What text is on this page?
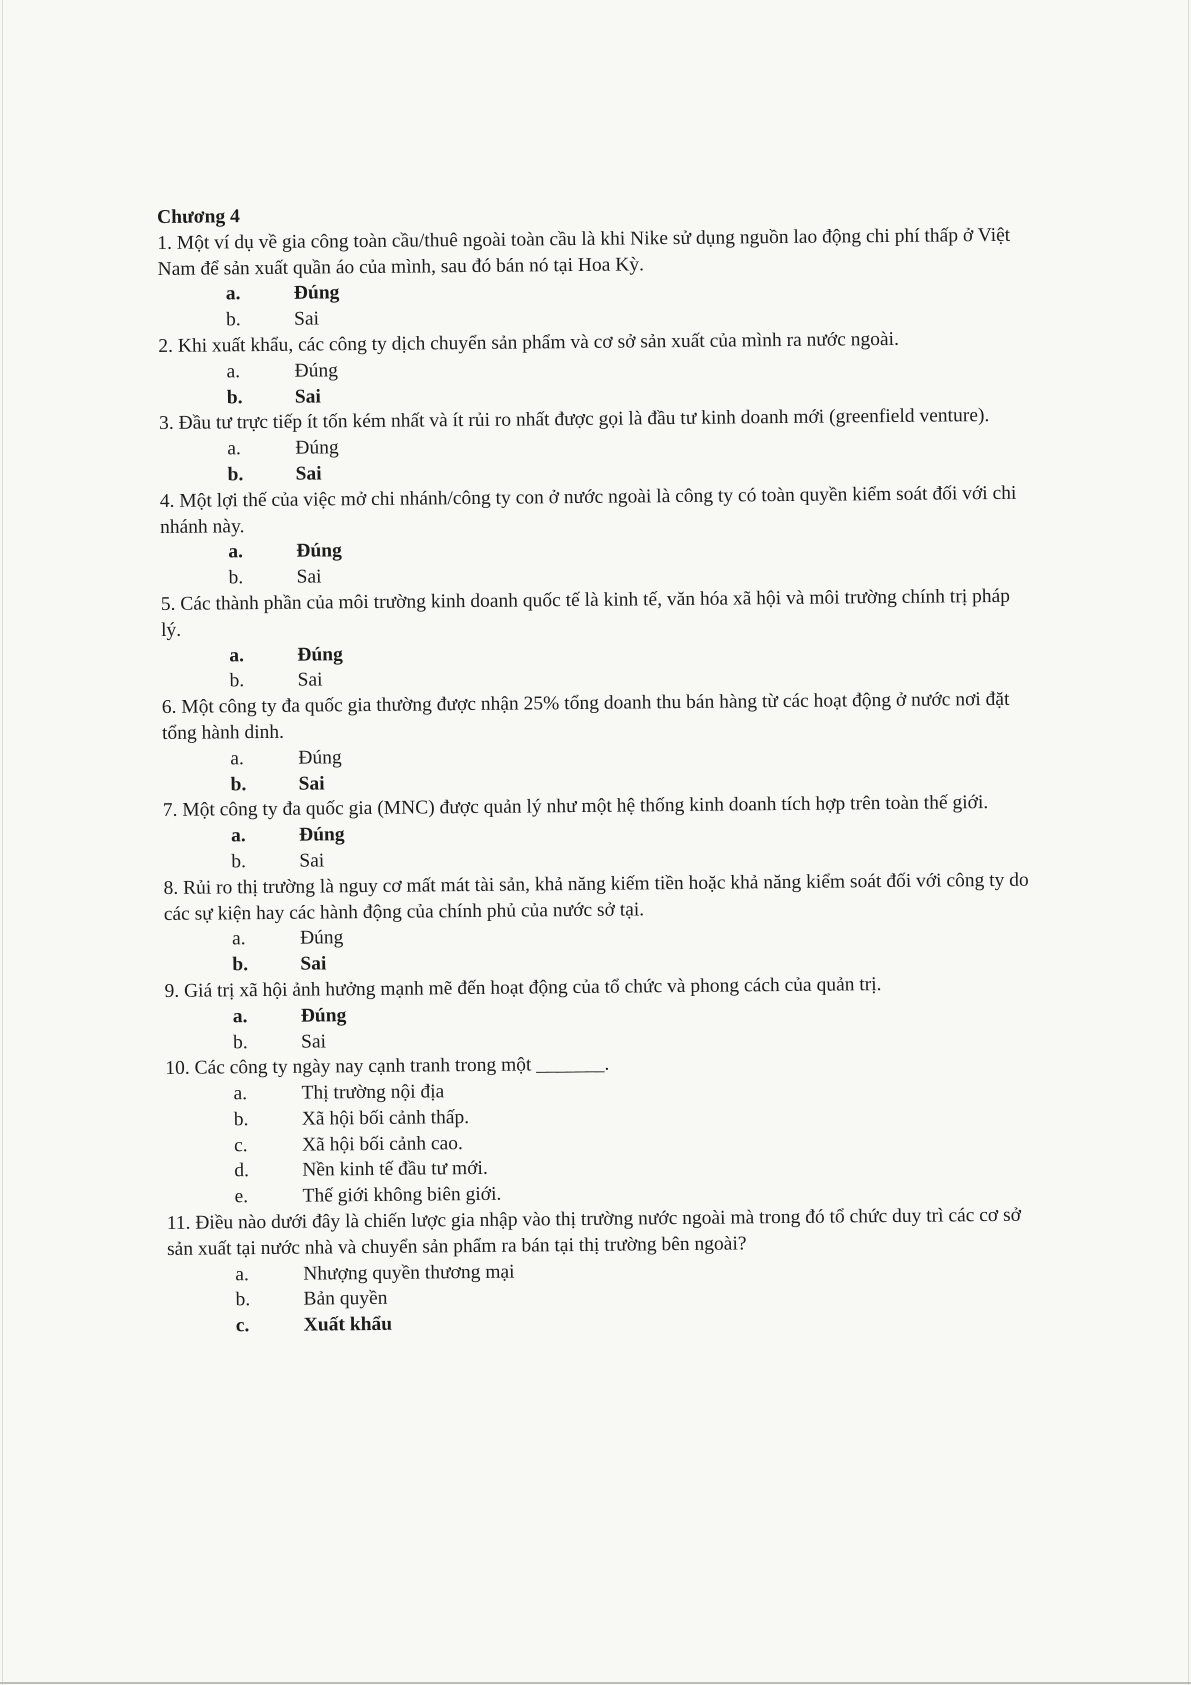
Chương 4

1. Một ví dụ về gia công toàn cầu/thuê ngoài toàn cầu là khi Nike sử dụng nguồn lao động chi phí thấp ở Việt Nam để sản xuất quần áo của mình, sau đó bán nó tại Hoa Kỳ.

a.	Đúng
b.	Sai

2. Khi xuất khẩu, các công ty dịch chuyển sản phẩm và cơ sở sản xuất của mình ra nước ngoài.

a.	Đúng
b.	Sai

3. Đầu tư trực tiếp ít tốn kém nhất và ít rủi ro nhất được gọi là đầu tư kinh doanh mới (greenfield venture).

a.	Đúng
b.	Sai

4. Một lợi thế của việc mở chi nhánh/công ty con ở nước ngoài là công ty có toàn quyền kiểm soát đối với chi nhánh này.

a.	Đúng
b.	Sai

5. Các thành phần của môi trường kinh doanh quốc tế là kinh tế, văn hóa xã hội và môi trường chính trị pháp lý.

a.	Đúng
b.	Sai

6. Một công ty đa quốc gia thường được nhận 25% tổng doanh thu bán hàng từ các hoạt động ở nước nơi đặt tổng hành dinh.

a.	Đúng
b.	Sai

7. Một công ty đa quốc gia (MNC) được quản lý như một hệ thống kinh doanh tích hợp trên toàn thế giới.

a.	Đúng
b.	Sai

8. Rủi ro thị trường là nguy cơ mất mát tài sản, khả năng kiếm tiền hoặc khả năng kiểm soát đối với công ty do các sự kiện hay các hành động của chính phủ của nước sở tại.

a.	Đúng
b.	Sai

9. Giá trị xã hội ảnh hưởng mạnh mẽ đến hoạt động của tổ chức và phong cách của quản trị.

a.	Đúng
b.	Sai

10. Các công ty ngày nay cạnh tranh trong một _______.

a.	Thị trường nội địa
b.	Xã hội bối cảnh thấp.
c.	Xã hội bối cảnh cao.
d.	Nền kinh tế đầu tư mới.
e.	Thế giới không biên giới.

11. Điều nào dưới đây là chiến lược gia nhập vào thị trường nước ngoài mà trong đó tổ chức duy trì các cơ sở sản xuất tại nước nhà và chuyển sản phẩm ra bán tại thị trường bên ngoài?

a.	Nhượng quyền thương mại
b.	Bản quyền
c.	Xuất khẩu
